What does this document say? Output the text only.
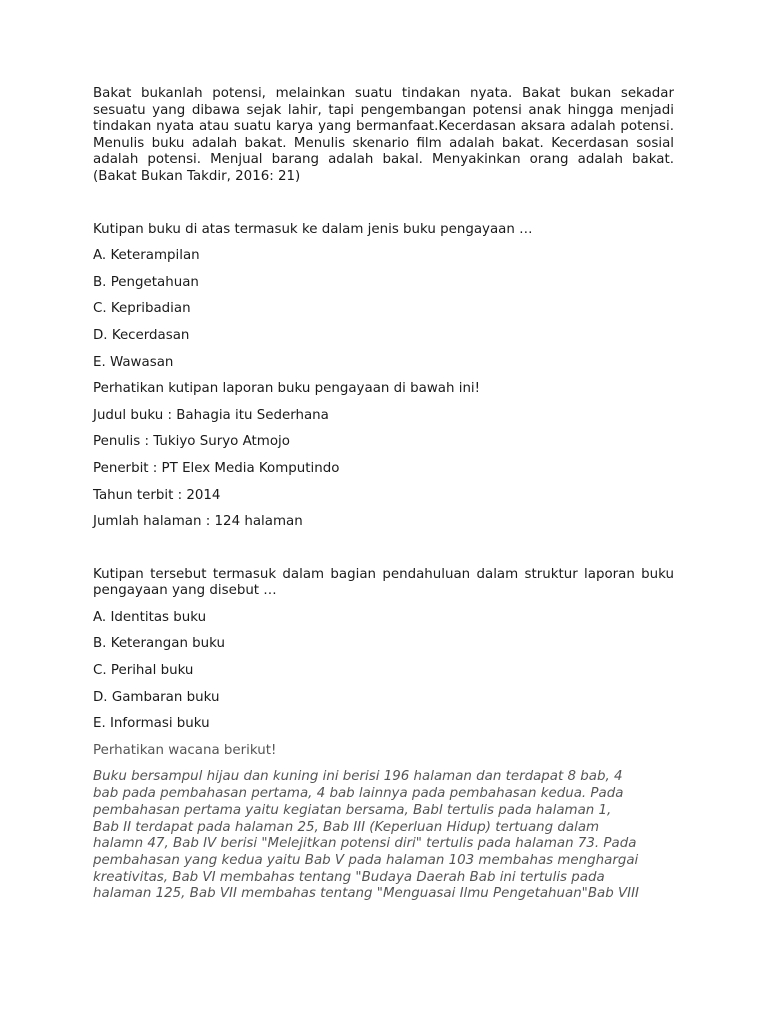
Bakat bukanlah potensi, melainkan suatu tindakan nyata. Bakat bukan sekadar sesuatu yang dibawa sejak lahir, tapi pengembangan potensi anak hingga menjadi tindakan nyata atau suatu karya yang bermanfaat.Kecerdasan aksara adalah potensi. Menulis buku adalah bakat. Menulis skenario film adalah bakat. Kecerdasan sosial adalah potensi. Menjual barang adalah bakal. Menyakinkan orang adalah bakat. (Bakat Bukan Takdir, 2016: 21)

Kutipan buku di atas termasuk ke dalam jenis buku pengayaan …

A. Keterampilan

B. Pengetahuan

C. Kepribadian

D. Kecerdasan

E. Wawasan

Perhatikan kutipan laporan buku pengayaan di bawah ini!

Judul buku : Bahagia itu Sederhana

Penulis : Tukiyo Suryo Atmojo

Penerbit : PT Elex Media Komputindo

Tahun terbit : 2014

Jumlah halaman : 124 halaman

Kutipan tersebut termasuk dalam bagian pendahuluan dalam struktur laporan buku pengayaan yang disebut …

A. Identitas buku

B. Keterangan buku

C. Perihal buku

D. Gambaran buku

E. Informasi buku

Perhatikan wacana berikut!

Buku bersampul hijau dan kuning ini berisi 196 halaman dan terdapat 8 bab, 4

bab pada pembahasan pertama, 4 bab lainnya pada pembahasan kedua. Pada

pembahasan pertama yaitu kegiatan bersama, Babl tertulis pada halaman 1,

Bab II terdapat pada halaman 25, Bab III (Keperluan Hidup) tertuang dalam

halamn 47, Bab IV berisi "Melejitkan potensi diri" tertulis pada halaman 73. Pada

pembahasan yang kedua yaitu Bab V pada halaman 103 membahas menghargai

kreativitas, Bab VI membahas tentang "Budaya Daerah Bab ini tertulis pada

halaman 125, Bab VII membahas tentang "Menguasai Ilmu Pengetahuan"Bab VIII
